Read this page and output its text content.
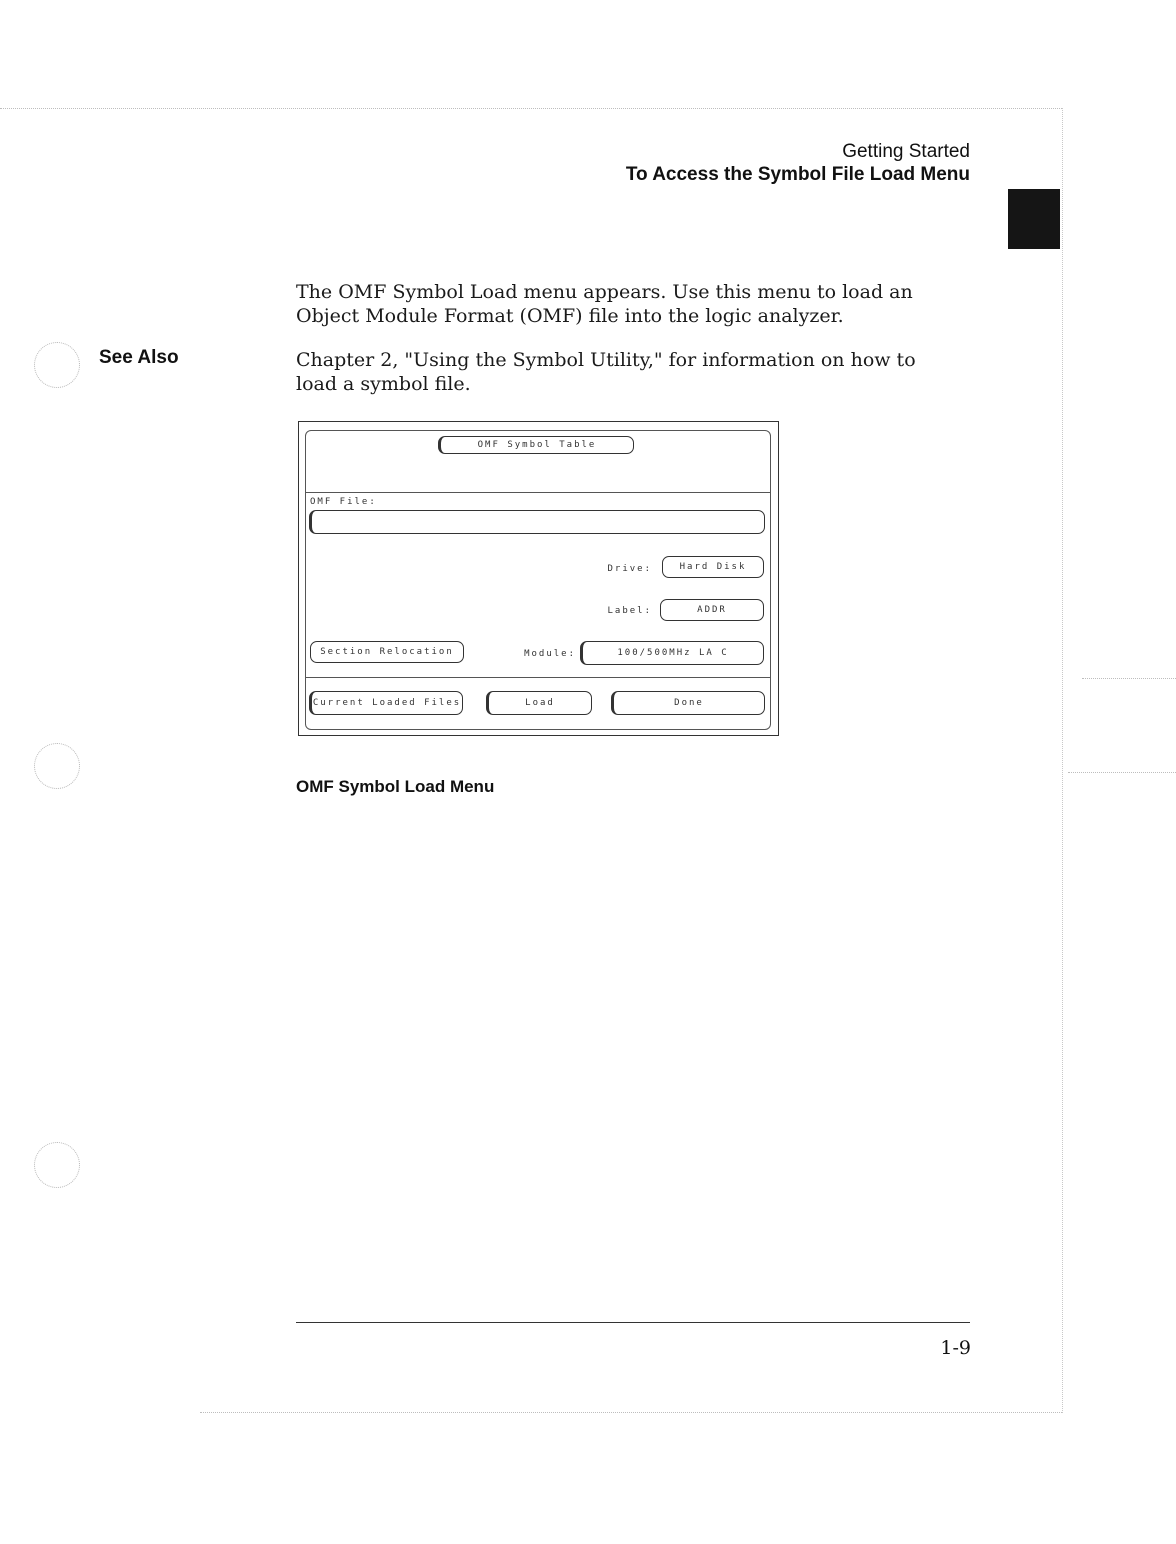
Getting Started
To Access the Symbol File Load Menu
The OMF Symbol Load menu appears. Use this menu to load an Object Module Format (OMF) file into the logic analyzer.
See Also	Chapter 2, "Using the Symbol Utility," for information on how to load a symbol file.
OMF Symbol Table
OMF File:
Drive:	Hard Disk
Label:	ADDR
Section Relocation	Module:	100/500MHz LA C
Current Loaded Files	Load	Done
OMF Symbol Load Menu
1-9
